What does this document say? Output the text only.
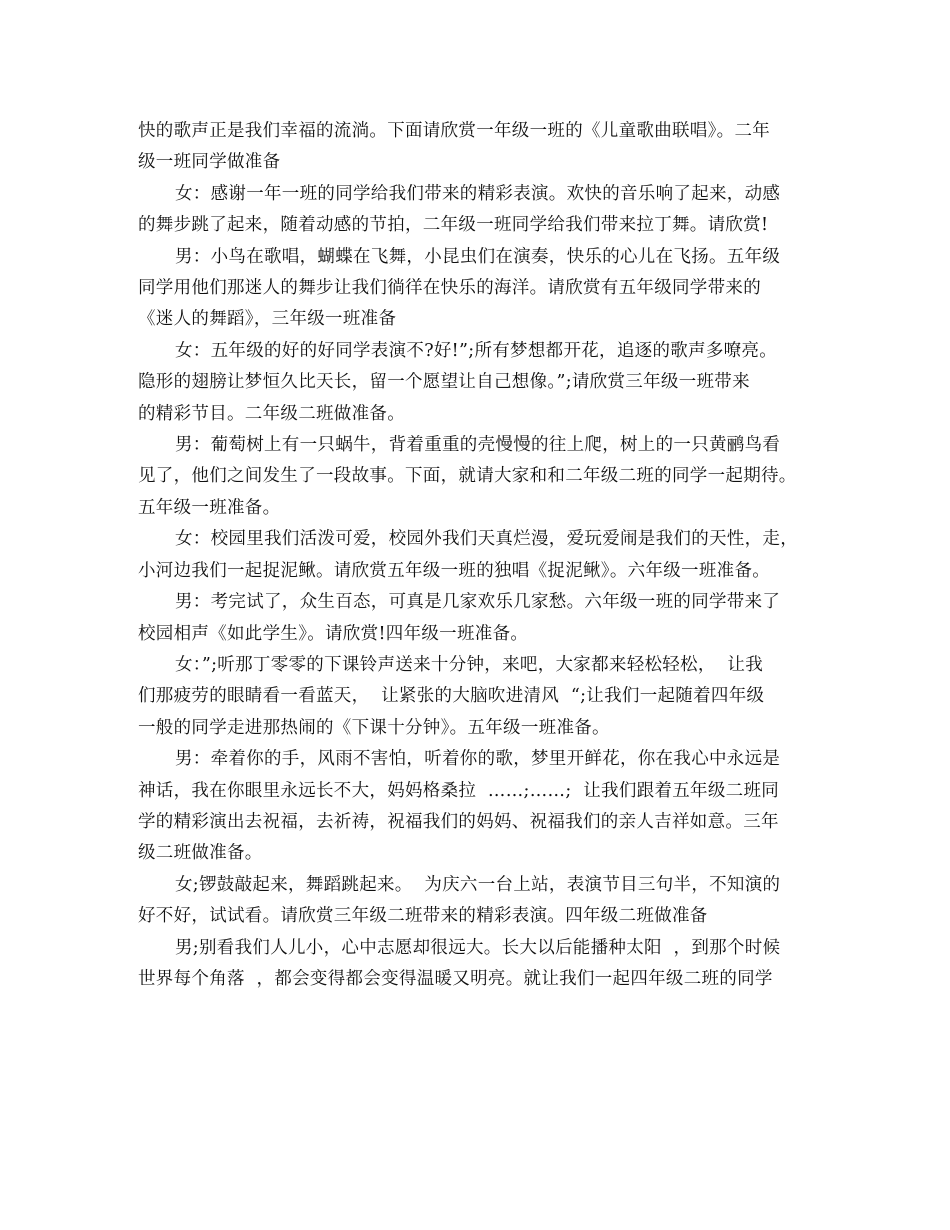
快的歌声正是我们幸福的流淌。下面请欣赏一年级一班的《儿童歌曲联唱》。二年
级一班同学做准备

女：感谢一年一班的同学给我们带来的精彩表演。欢快的音乐响了起来，动感
的舞步跳了起来，随着动感的节拍，二年级一班同学给我们带来拉丁舞。请欣赏!

男：小鸟在歌唱，蝴蝶在飞舞，小昆虫们在演奏，快乐的心儿在飞扬。五年级
同学用他们那迷人的舞步让我们徜徉在快乐的海洋。请欣赏有五年级同学带来的
《迷人的舞蹈》，三年级一班准备

女：五年级的好的好同学表演不?好!”;所有梦想都开花，追逐的歌声多嘹亮。
隐形的翅膀让梦恒久比天长，留一个愿望让自己想像。”;请欣赏三年级一班带来
的精彩节目。二年级二班做准备。

男：葡萄树上有一只蜗牛，背着重重的壳慢慢的往上爬，树上的一只黄鹂鸟看
见了，他们之间发生了一段故事。下面，就请大家和和二年级二班的同学一起期待。
五年级一班准备。

女：校园里我们活泼可爱，校园外我们天真烂漫，爱玩爱闹是我们的天性，走，
小河边我们一起捉泥鳅。请欣赏五年级一班的独唱《捉泥鳅》。六年级一班准备。

男：考完试了，众生百态，可真是几家欢乐几家愁。六年级一班的同学带来了
校园相声《如此学生》。请欣赏!四年级一班准备。

女：”;听那丁零零的下课铃声送来十分钟，来吧，大家都来轻松轻松，  让我
们那疲劳的眼睛看一看蓝天，  让紧张的大脑吹进清风  “;让我们一起随着四年级
一般的同学走进那热闹的《下课十分钟》。五年级一班准备。

男：牵着你的手，风雨不害怕，听着你的歌，梦里开鲜花，你在我心中永远是
神话，我在你眼里永远长不大，妈妈格桑拉  ……;……;  让我们跟着五年级二班同
学的精彩演出去祝福，去祈祷，祝福我们的妈妈、祝福我们的亲人吉祥如意。三年
级二班做准备。

女;锣鼓敲起来，舞蹈跳起来。  为庆六一台上站，表演节目三句半，不知演的
好不好，试试看。请欣赏三年级二班带来的精彩表演。四年级二班做准备

男;别看我们人儿小，心中志愿却很远大。长大以后能播种太阳  ，到那个时候
世界每个角落  ，都会变得都会变得温暖又明亮。就让我们一起四年级二班的同学
